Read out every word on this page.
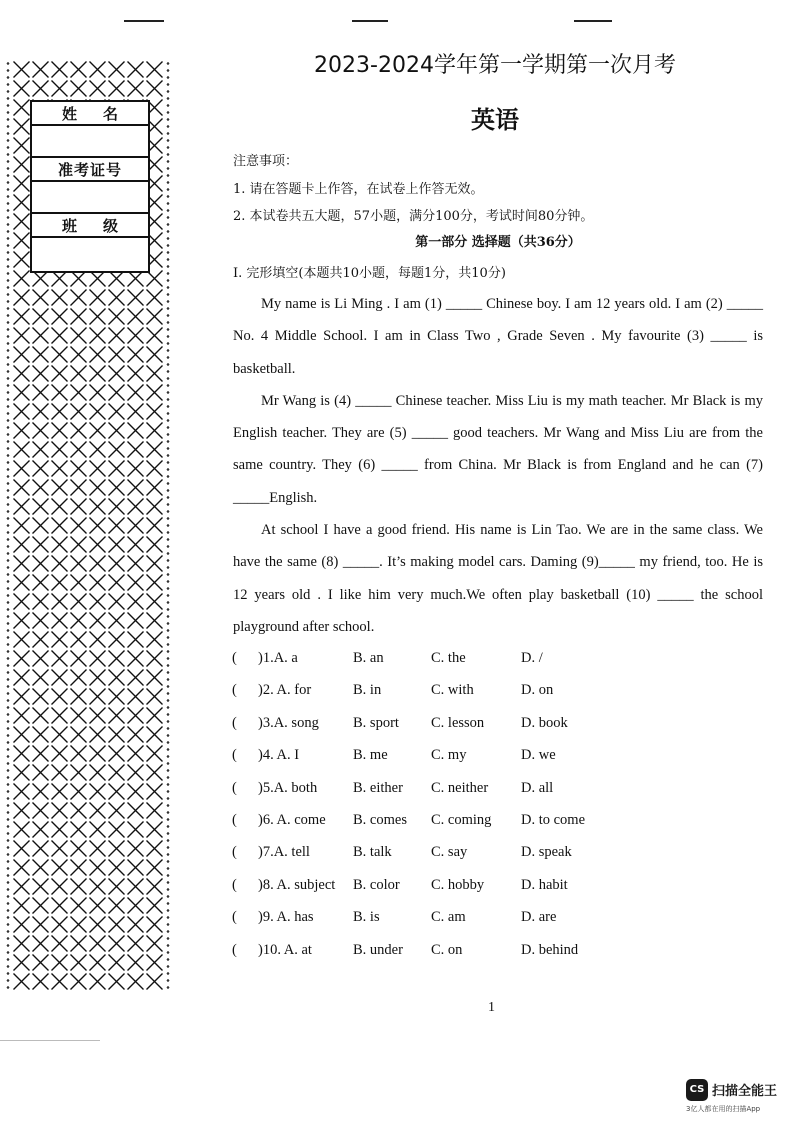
姓名
准考证号
班级
2023-2024学年第一学期第一次月考
英语
注意事项：
1. 请在答题卡上作答，在试卷上作答无效。
2. 本试卷共五大题，57小题，满分100分，考试时间80分钟。
第一部分 选择题（共36分）
I. 完形填空(本题共10小题，每题1分，共10分)

My name is Li Ming . I am (1) _____ Chinese boy. I am 12 years old. I am (2) _____ No. 4 Middle School. I am in Class Two , Grade Seven . My favourite (3) _____ is basketball.

Mr Wang is (4) _____ Chinese teacher. Miss Liu is my math teacher. Mr Black is my English teacher. They are (5) _____ good teachers. Mr Wang and Miss Liu are from the same country. They (6) _____ from China. Mr Black is from England and he can (7) _____English.

At school I have a good friend. His name is Lin Tao. We are in the same class. We have the same (8) _____. It’s making model cars. Daming (9)_____ my friend, too. He is 12 years old . I like him very much.We often play basketball (10) _____ the school playground after school.

( )1.A. a	B. an	C. the	D. /
( )2. A. for	B. in	C. with	D. on
( )3.A. song B. sport C. lesson	D. book
( )4. A. I	B. me	C. my	D. we
( )5.A. both B. either C. neither D. all
( )6. A. come B. comes C. coming D. to come
( )7.A. tell	B. talk	C. say	D. speak
( )8. A. subject B. color C. hobby	D. habit
( )9. A. has	B. is	C. am	D. are
( )10. A. at	B. under C. on	D. behind
1
CS 扫描全能王
3亿人都在用的扫描App
